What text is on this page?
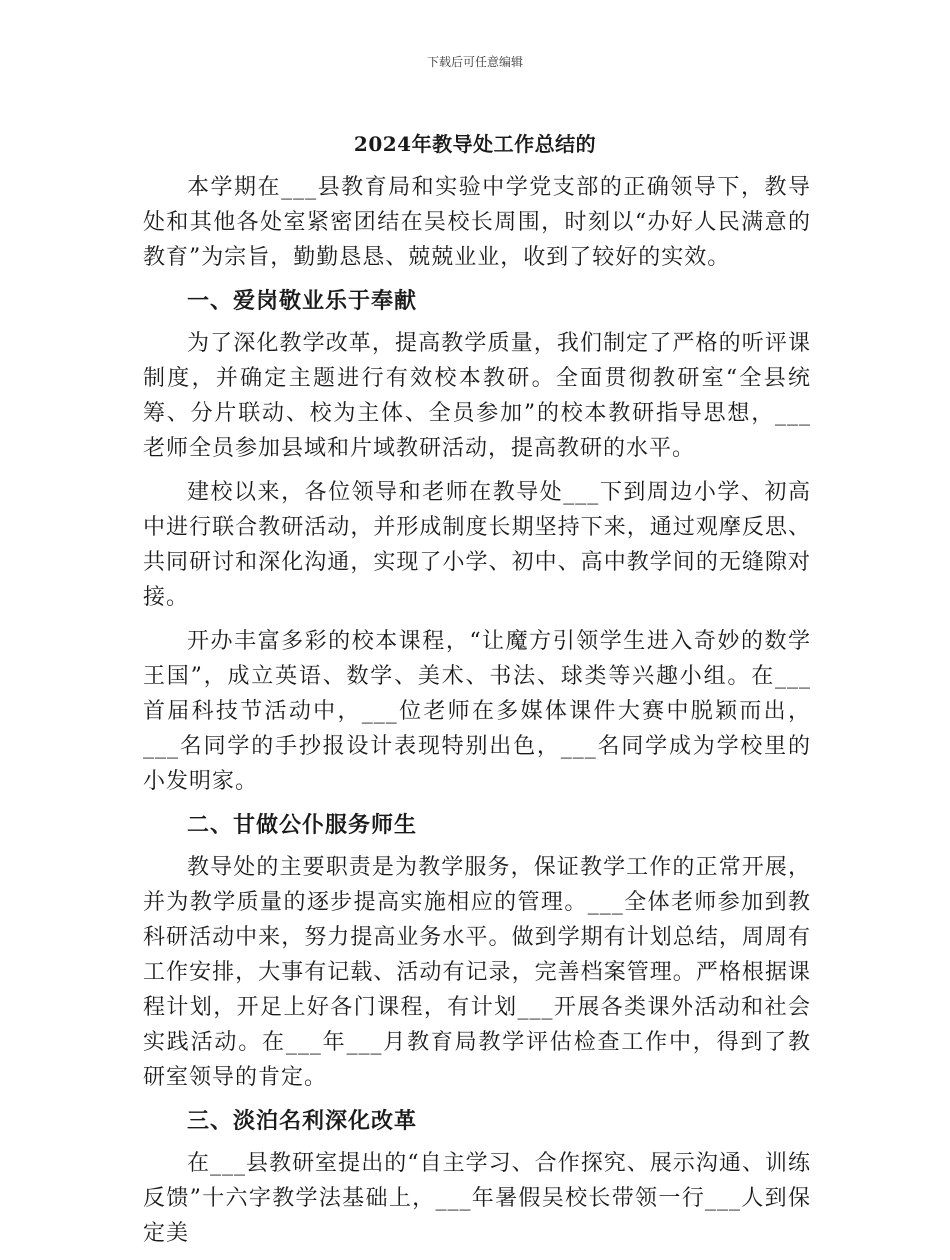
下载后可任意编辑
2024年教导处工作总结的

本学期在___县教育局和实验中学党支部的正确领导下，教导处和其他各处室紧密团结在吴校长周围，时刻以“办好人民满意的教育”为宗旨，勤勤恳恳、兢兢业业，收到了较好的实效。

一、爱岗敬业乐于奉献

为了深化教学改革，提高教学质量，我们制定了严格的听评课制度，并确定主题进行有效校本教研。全面贯彻教研室“全县统筹、分片联动、校为主体、全员参加”的校本教研指导思想，___老师全员参加县域和片域教研活动，提高教研的水平。

建校以来，各位领导和老师在教导处___下到周边小学、初高中进行联合教研活动，并形成制度长期坚持下来，通过观摩反思、共同研讨和深化沟通，实现了小学、初中、高中教学间的无缝隙对接。

开办丰富多彩的校本课程，“让魔方引领学生进入奇妙的数学王国”，成立英语、数学、美术、书法、球类等兴趣小组。在___首届科技节活动中，___位老师在多媒体课件大赛中脱颖而出，___名同学的手抄报设计表现特别出色，___名同学成为学校里的小发明家。

二、甘做公仆服务师生

教导处的主要职责是为教学服务，保证教学工作的正常开展，并为教学质量的逐步提高实施相应的管理。___全体老师参加到教科研活动中来，努力提高业务水平。做到学期有计划总结，周周有工作安排，大事有记载、活动有记录，完善档案管理。严格根据课程计划，开足上好各门课程，有计划___开展各类课外活动和社会实践活动。在___年___月教育局教学评估检查工作中，得到了教研室领导的肯定。

三、淡泊名利深化改革

在___县教研室提出的“自主学习、合作探究、展示沟通、训练反馈”十六字教学法基础上，___年暑假吴校长带领一行___人到保定美
